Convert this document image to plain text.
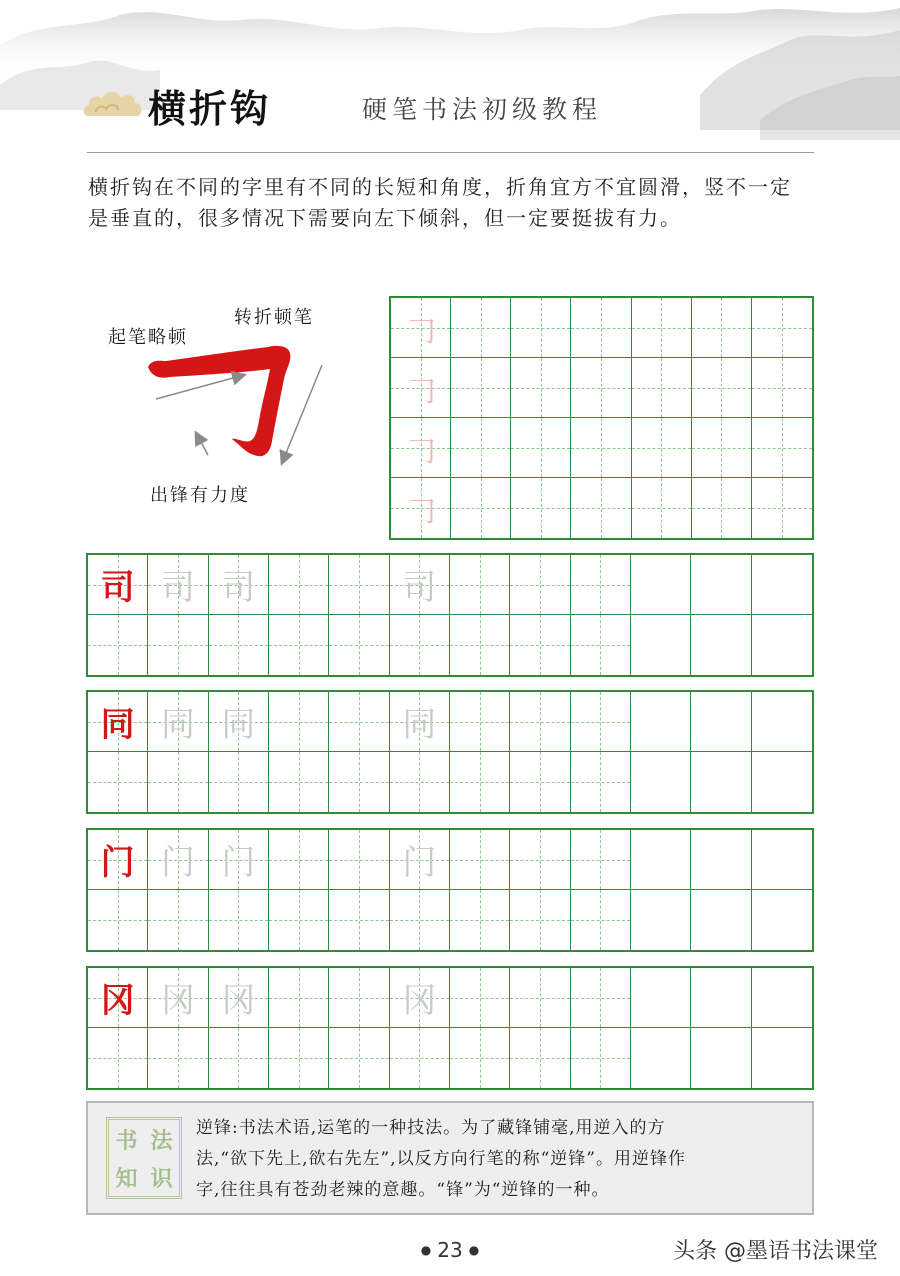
横折钩	硬笔书法初级教程

横折钩在不同的字里有不同的长短和角度，折角宜方不宜圆滑，竖不一定

是垂直的，很多情况下需要向左下倾斜，但一定要挺拔有力。

起笔略顿
转折顿笔
出锋有力度
𠃌
𠃌
𠃌
𠃌
司 司 司	司
同 同 同	同
门 门 门	门
冈 冈 冈	冈
书 法
知 识

逆锋:书法术语,运笔的一种技法。为了藏锋铺毫,用逆入的方

法,“欲下先上,欲右先左”,以反方向行笔的称“逆锋”。用逆锋作

字,往往具有苍劲老辣的意趣。“锋”为“逆锋的一种。

● 23 ●	头条 @墨语书法课堂
